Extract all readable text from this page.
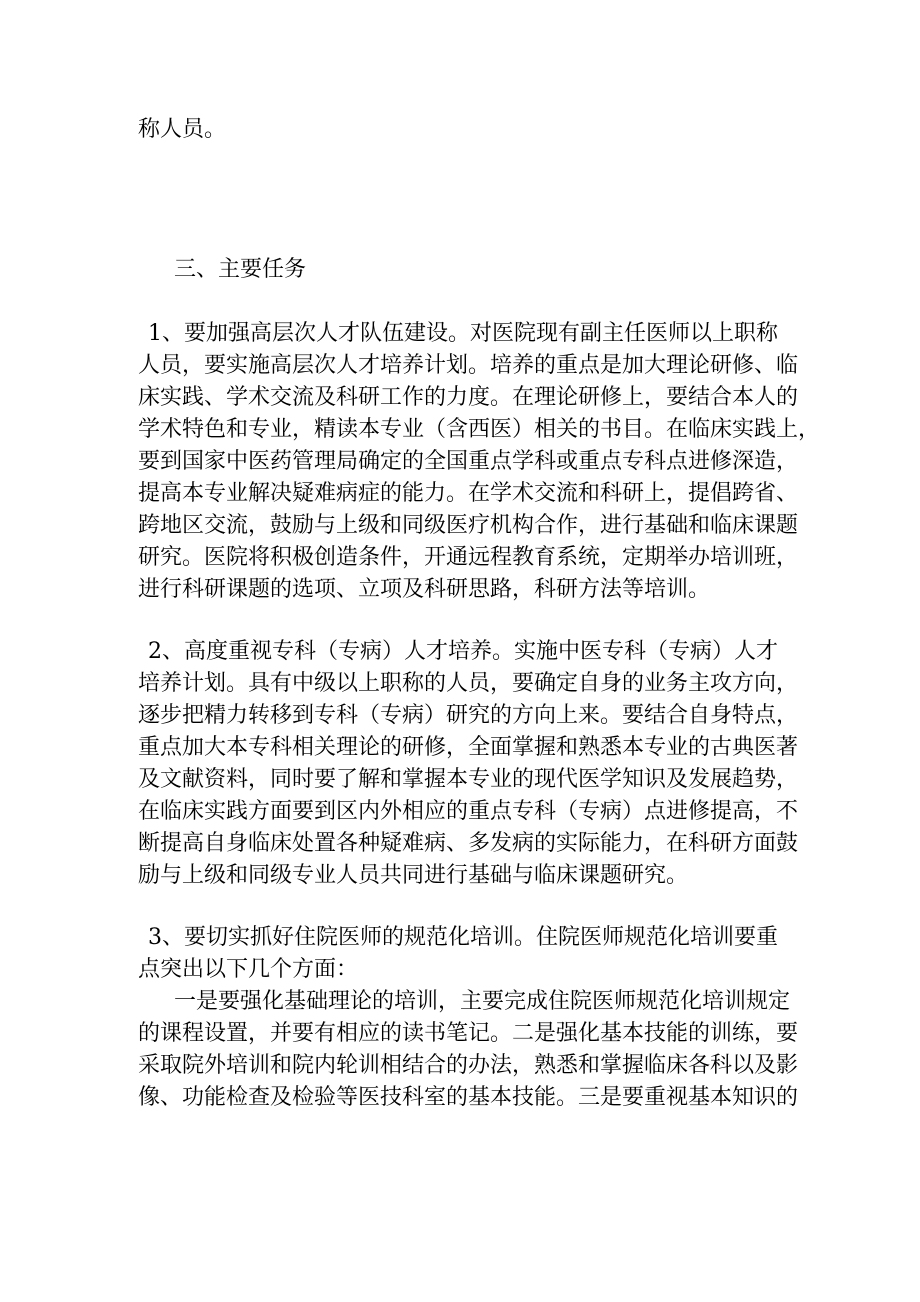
称人员。
三、主要任务
1、要加强高层次人才队伍建设。对医院现有副主任医师以上职称
人员，要实施高层次人才培养计划。培养的重点是加大理论研修、临
床实践、学术交流及科研工作的力度。在理论研修上，要结合本人的
学术特色和专业，精读本专业（含西医）相关的书目。在临床实践上，
要到国家中医药管理局确定的全国重点学科或重点专科点进修深造，
提高本专业解决疑难病症的能力。在学术交流和科研上，提倡跨省、
跨地区交流，鼓励与上级和同级医疗机构合作，进行基础和临床课题
研究。医院将积极创造条件，开通远程教育系统，定期举办培训班，
进行科研课题的选项、立项及科研思路，科研方法等培训。
2、高度重视专科（专病）人才培养。实施中医专科（专病）人才
培养计划。具有中级以上职称的人员，要确定自身的业务主攻方向，
逐步把精力转移到专科（专病）研究的方向上来。要结合自身特点，
重点加大本专科相关理论的研修，全面掌握和熟悉本专业的古典医著
及文献资料，同时要了解和掌握本专业的现代医学知识及发展趋势，
在临床实践方面要到区内外相应的重点专科（专病）点进修提高，不
断提高自身临床处置各种疑难病、多发病的实际能力，在科研方面鼓
励与上级和同级专业人员共同进行基础与临床课题研究。
3、要切实抓好住院医师的规范化培训。住院医师规范化培训要重
点突出以下几个方面：
一是要强化基础理论的培训，主要完成住院医师规范化培训规定
的课程设置，并要有相应的读书笔记。二是强化基本技能的训练，要
采取院外培训和院内轮训相结合的办法，熟悉和掌握临床各科以及影
像、功能检查及检验等医技科室的基本技能。三是要重视基本知识的
